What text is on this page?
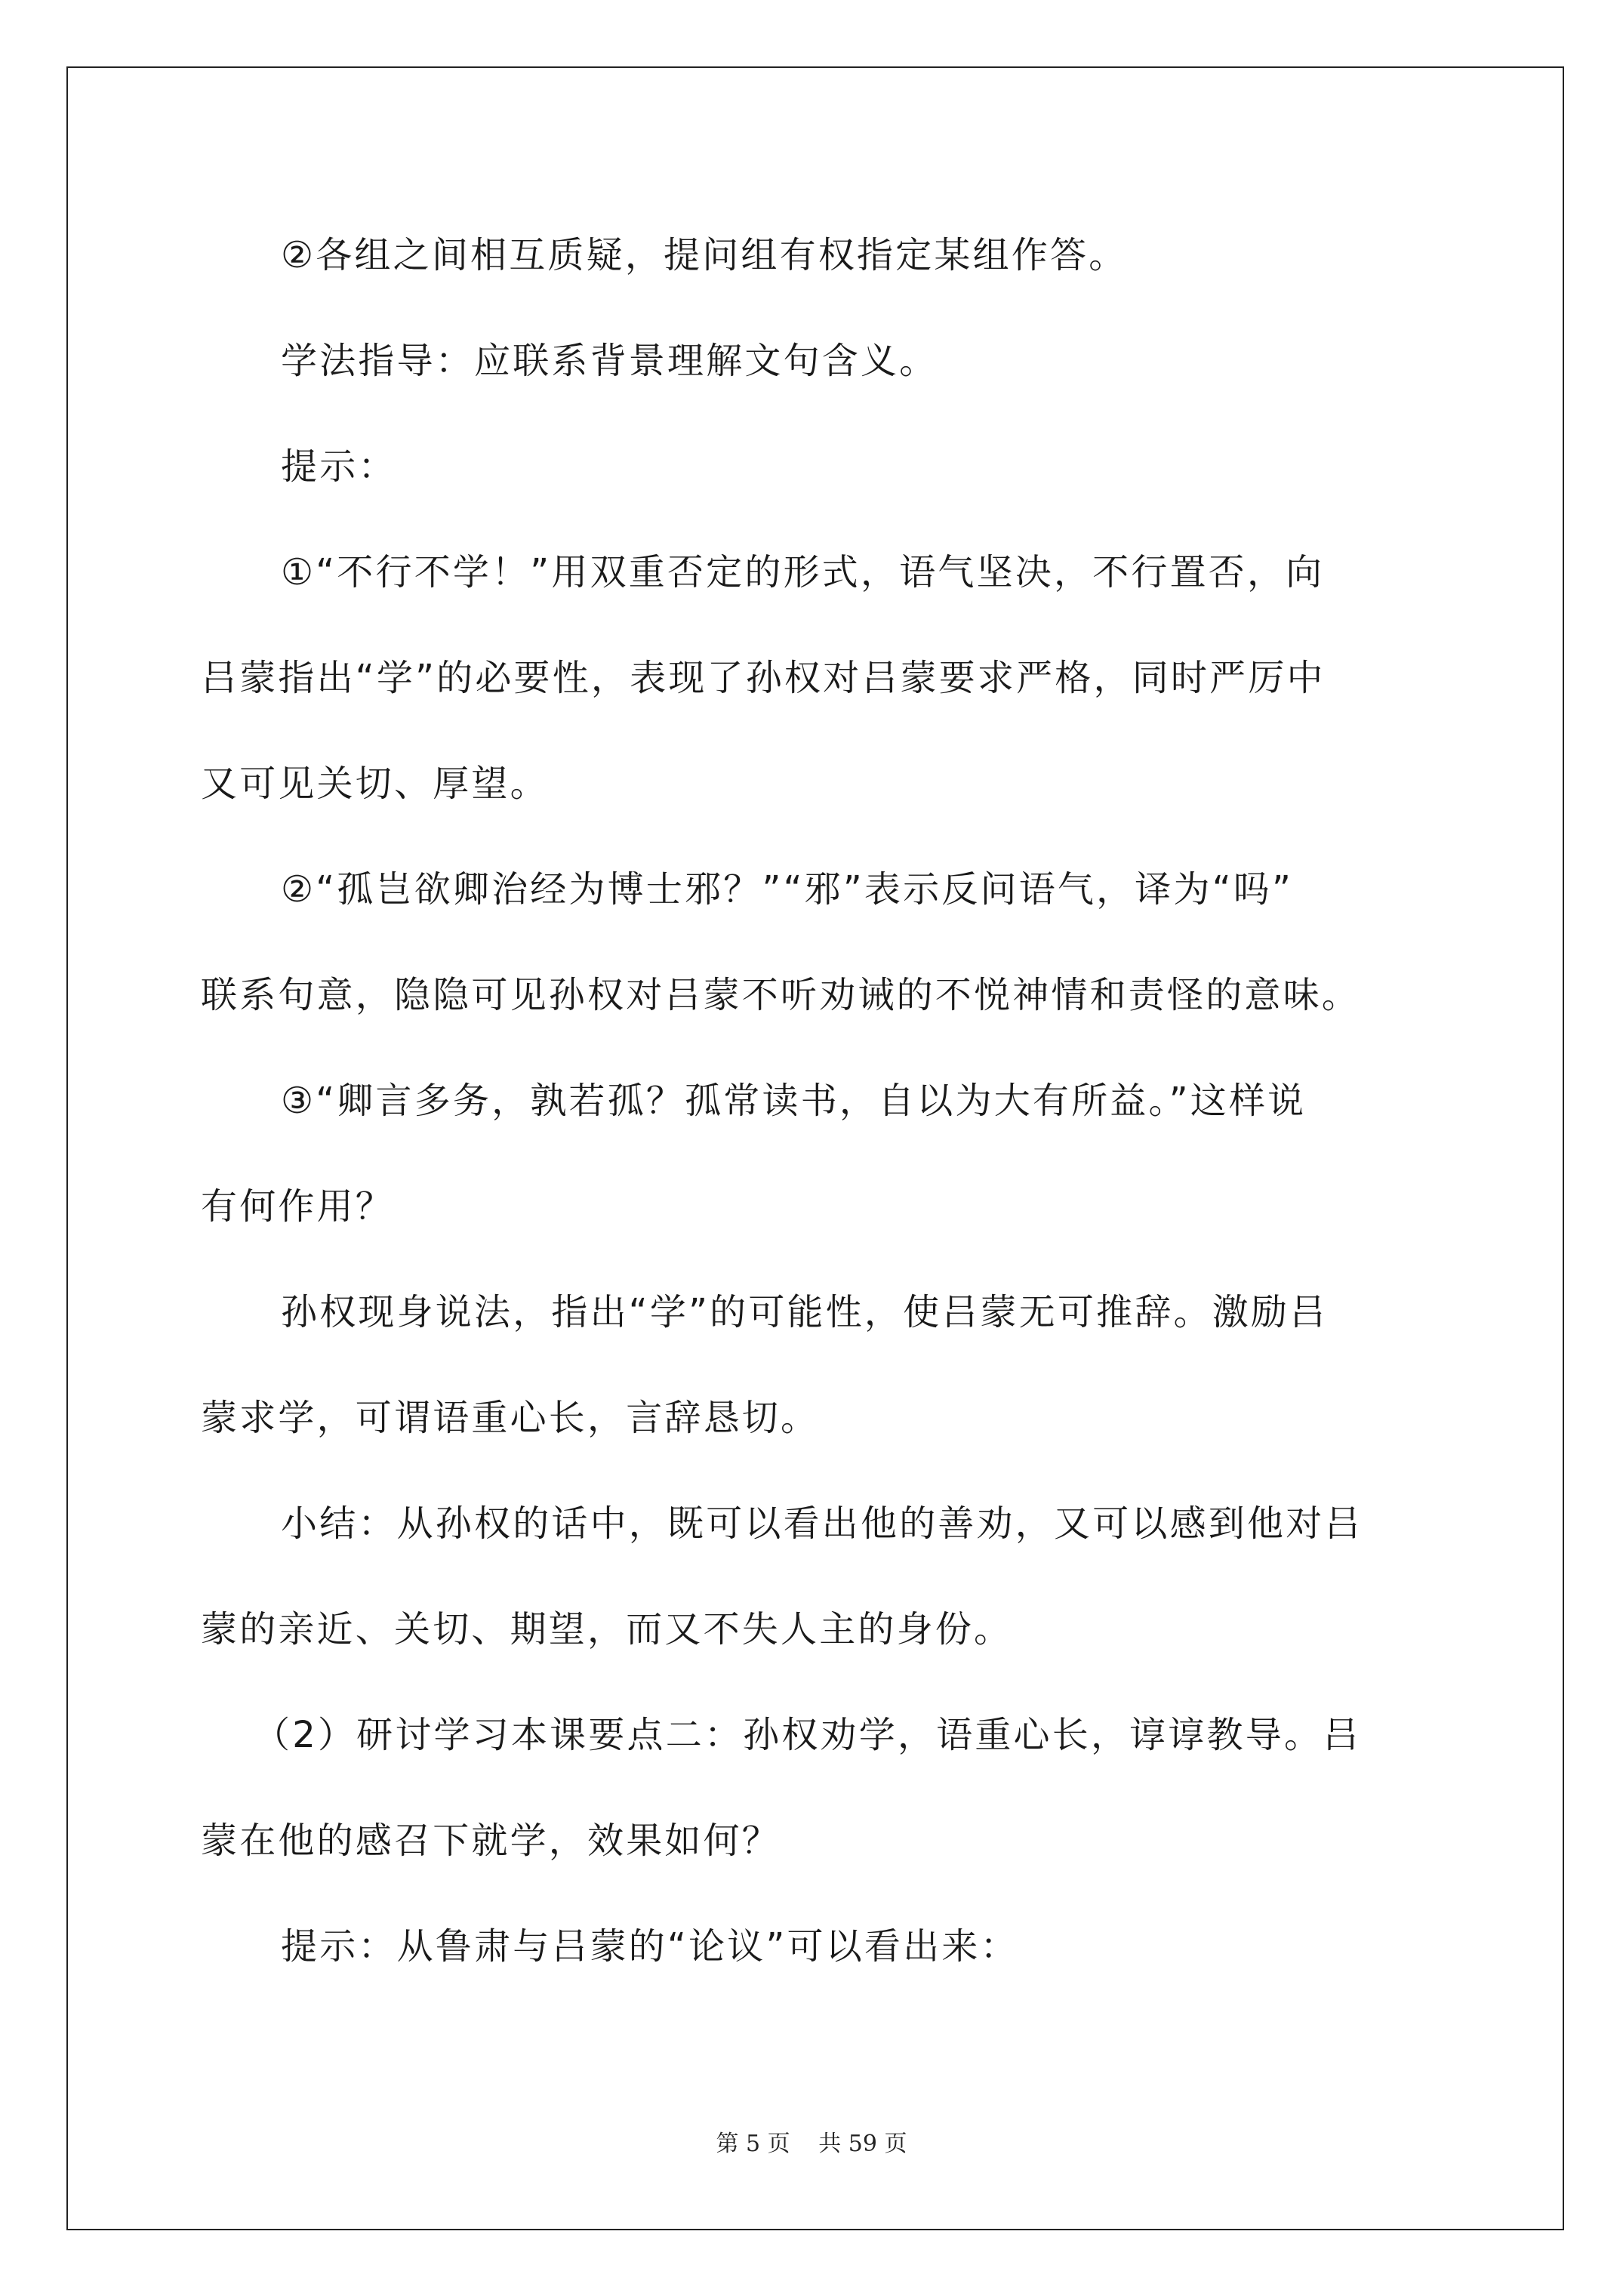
②各组之间相互质疑，提问组有权指定某组作答。
学法指导：应联系背景理解文句含义。
提示：
①“不行不学！”用双重否定的形式，语气坚决，不行置否，向
吕蒙指出“学”的必要性，表现了孙权对吕蒙要求严格，同时严厉中
又可见关切、厚望。
②“孤岂欲卿治经为博士邪？”“邪”表示反问语气，译为“吗”
联系句意，隐隐可见孙权对吕蒙不听劝诫的不悦神情和责怪的意味。
③“卿言多务，孰若孤？孤常读书，自以为大有所益。”这样说
有何作用？
孙权现身说法，指出“学”的可能性，使吕蒙无可推辞。激励吕
蒙求学，可谓语重心长，言辞恳切。
小结：从孙权的话中，既可以看出他的善劝，又可以感到他对吕
蒙的亲近、关切、期望，而又不失人主的身份。
（2）研讨学习本课要点二：孙权劝学，语重心长，谆谆教导。吕
蒙在他的感召下就学，效果如何？
提示：从鲁肃与吕蒙的“论议”可以看出来：
第 5 页 共 59 页
